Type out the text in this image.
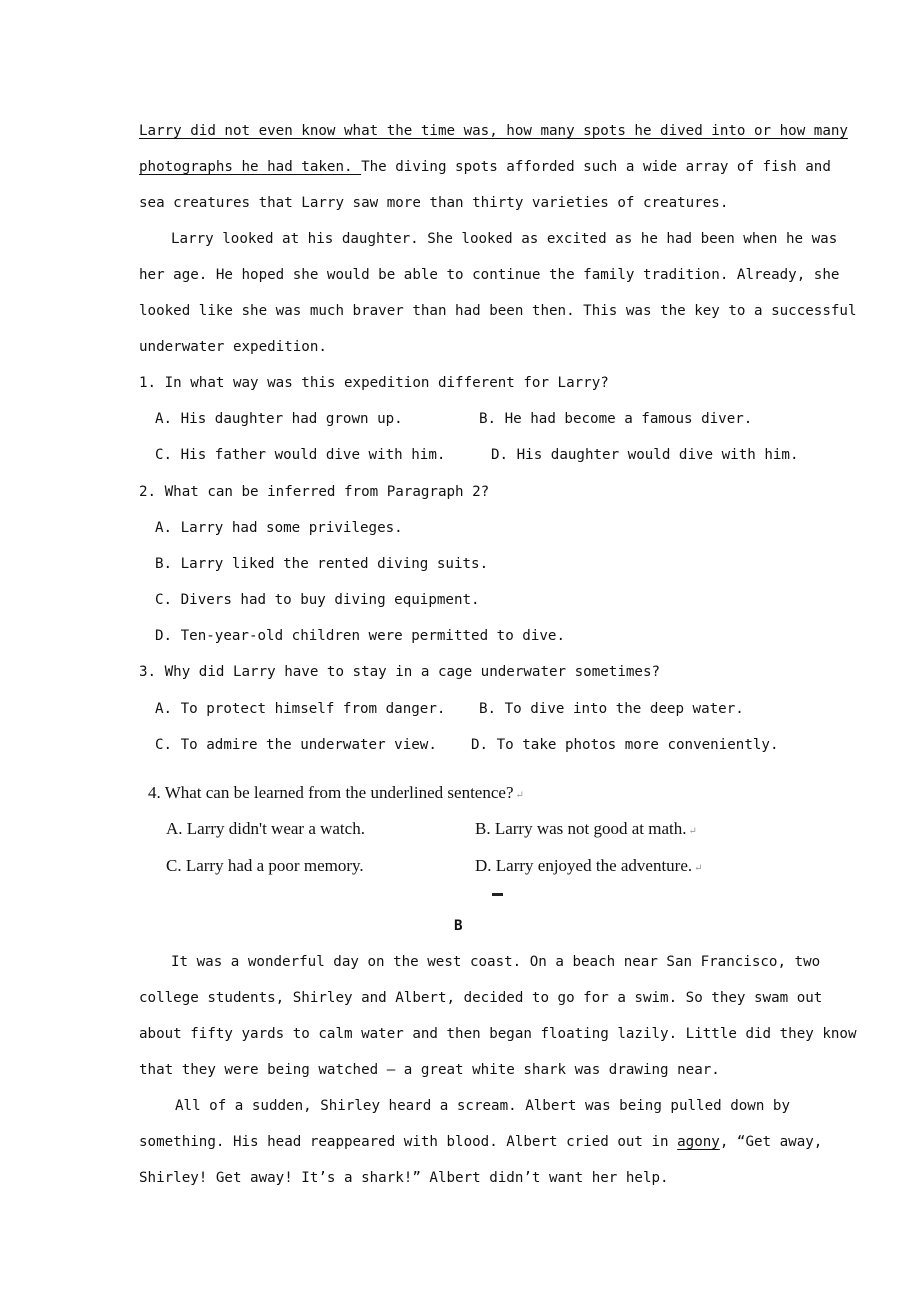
Larry did not even know what the time was, how many spots he dived into or how many
photographs he had taken. The diving spots afforded such a wide array of fish and
sea creatures that Larry saw more than thirty varieties of creatures.
Larry looked at his daughter. She looked as excited as he had been when he was
her age. He hoped she would be able to continue the family tradition. Already, she
looked like she was much braver than had been then. This was the key to a successful
underwater expedition.
1. In what way was this expedition different for Larry?
A. His daughter had grown up.	B. He had become a famous diver.
C. His father would dive with him.	D. His daughter would dive with him.
2. What can be inferred from Paragraph 2?
A. Larry had some privileges.
B. Larry liked the rented diving suits.
C. Divers had to buy diving equipment.
D. Ten-year-old children were permitted to dive.
3. Why did Larry have to stay in a cage underwater sometimes?
A. To protect himself from danger. B. To dive into the deep water.
C. To admire the underwater view. D. To take photos more conveniently.
4. What can be learned from the underlined sentence? ↵
A. Larry didn't wear a watch.	B. Larry was not good at math. ↵
C. Larry had a poor memory.	D. Larry enjoyed the adventure. ↵
B
It was a wonderful day on the west coast. On a beach near San Francisco, two
college students, Shirley and Albert, decided to go for a swim. So they swam out
about fifty yards to calm water and then began floating lazily. Little did they know
that they were being watched — a great white shark was drawing near.
All of a sudden, Shirley heard a scream. Albert was being pulled down by
something. His head reappeared with blood. Albert cried out in agony, “Get away,
Shirley! Get away! It’s a shark!” Albert didn’t want her help.
